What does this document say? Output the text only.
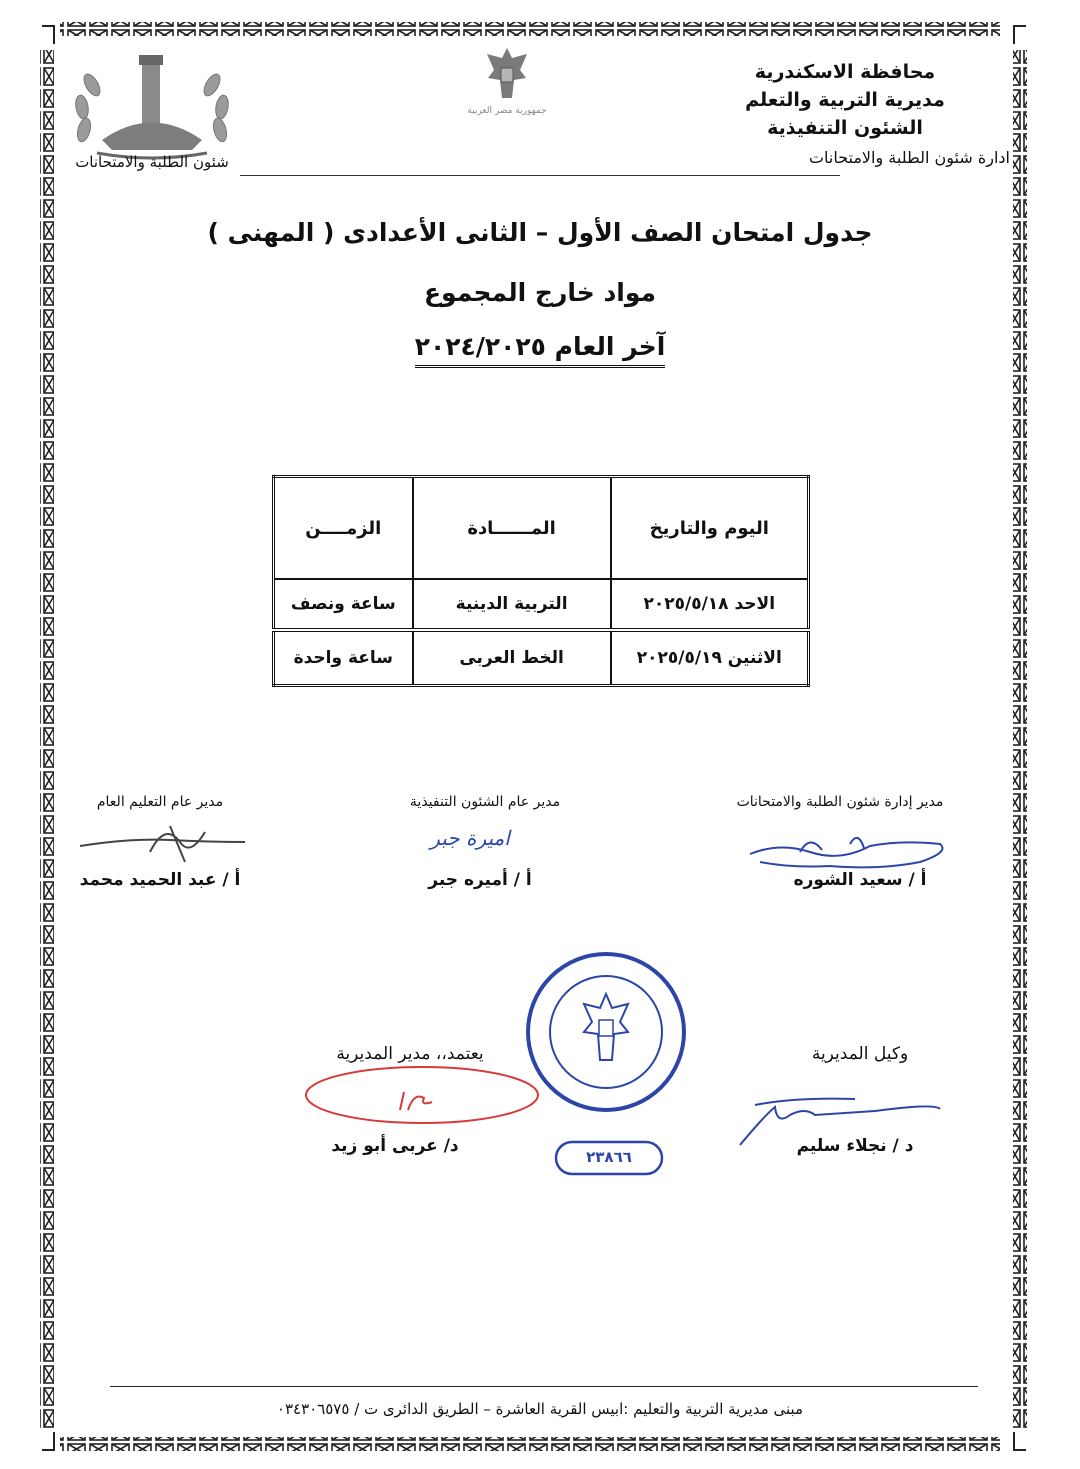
شئون الطلبة والامتحانات
جمهورية مصر العربية
محافظة الاسكندرية
مديرية التربية والتعلم
الشئون التنفيذية
ادارة شئون الطلبة والامتحانات
جدول امتحان الصف الأول – الثانى الأعدادى ( المهنى )
مواد خارج المجموع
آخر العام ٢٠٢٤/٢٠٢٥
اليوم والتاريخ	المــــــادة	الزمــــن
الاحد ٢٠٢٥/٥/١٨	التربية الدينية	ساعة ونصف
الاثنين ٢٠٢٥/٥/١٩	الخط العربى	ساعة واحدة
مدير إدارة شئون الطلبة والامتحانات
أ / سعيد الشوره
مدير عام الشئون التنفيذية
اميرة جبر
أ / أميره جبر
مدير عام التعليم العام
أ / عبد الحميد محمد
٢٣٨٦٦
وكيل المديرية
د / نجلاء سليم
يعتمد،، مدير المديرية
د/ عربى أبو زيد
مبنى مديرية التربية والتعليم :ابيس القرية العاشرة – الطريق الدائرى ت / ٠٣٤٣٠٦٥٧٥
